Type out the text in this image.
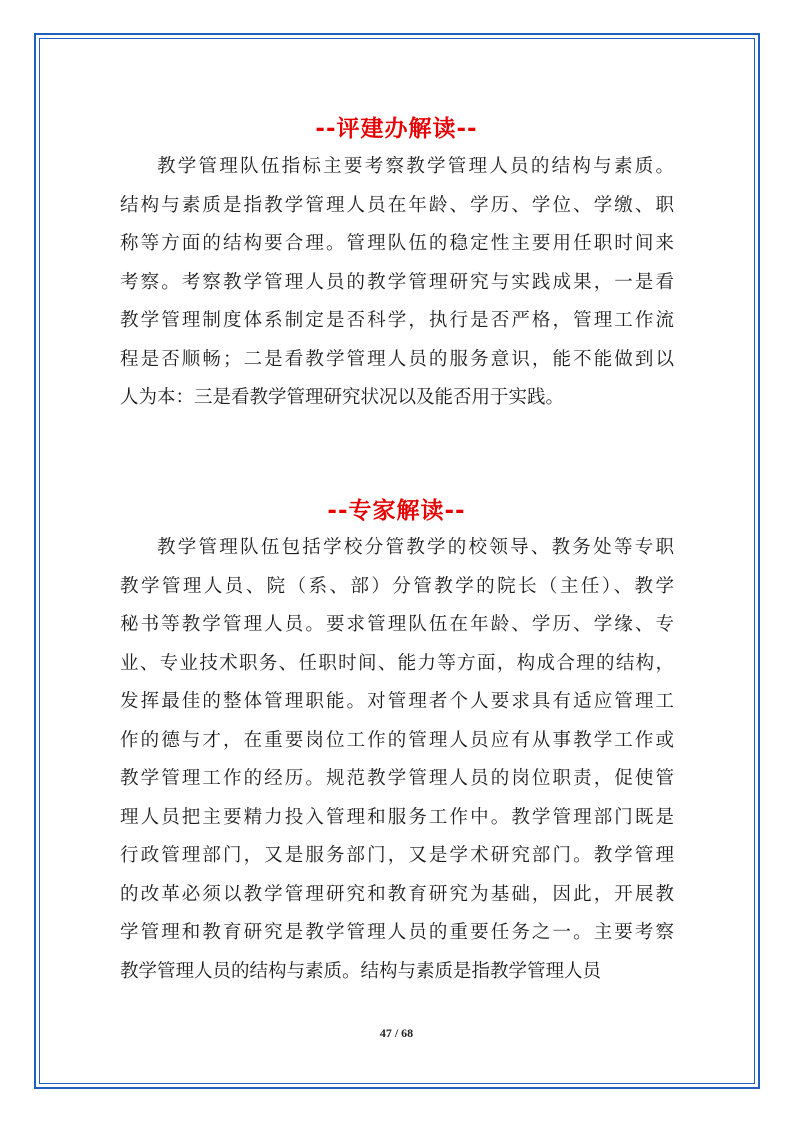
--评建办解读--
教学管理队伍指标主要考察教学管理人员的结构与素质。
结构与素质是指教学管理人员在年龄、学历、学位、学缴、职
称等方面的结构要合理。管理队伍的稳定性主要用任职时间来
考察。考察教学管理人员的教学管理研究与实践成果，一是看
教学管理制度体系制定是否科学，执行是否严格，管理工作流
程是否顺畅；二是看教学管理人员的服务意识，能不能做到以
人为本：三是看教学管理研究状况以及能否用于实践。
--专家解读--
教学管理队伍包括学校分管教学的校领导、教务处等专职
教学管理人员、院（系、部）分管教学的院长（主任）、教学
秘书等教学管理人员。要求管理队伍在年龄、学历、学缘、专
业、专业技术职务、任职时间、能力等方面，构成合理的结构，
发挥最佳的整体管理职能。对管理者个人要求具有适应管理工
作的德与才，在重要岗位工作的管理人员应有从事教学工作或
教学管理工作的经历。规范教学管理人员的岗位职责，促使管
理人员把主要精力投入管理和服务工作中。教学管理部门既是
行政管理部门，又是服务部门，又是学术研究部门。教学管理
的改革必须以教学管理研究和教育研究为基础，因此，开展教
学管理和教育研究是教学管理人员的重要任务之一。主要考察
教学管理人员的结构与素质。结构与素质是指教学管理人员
47 / 68
